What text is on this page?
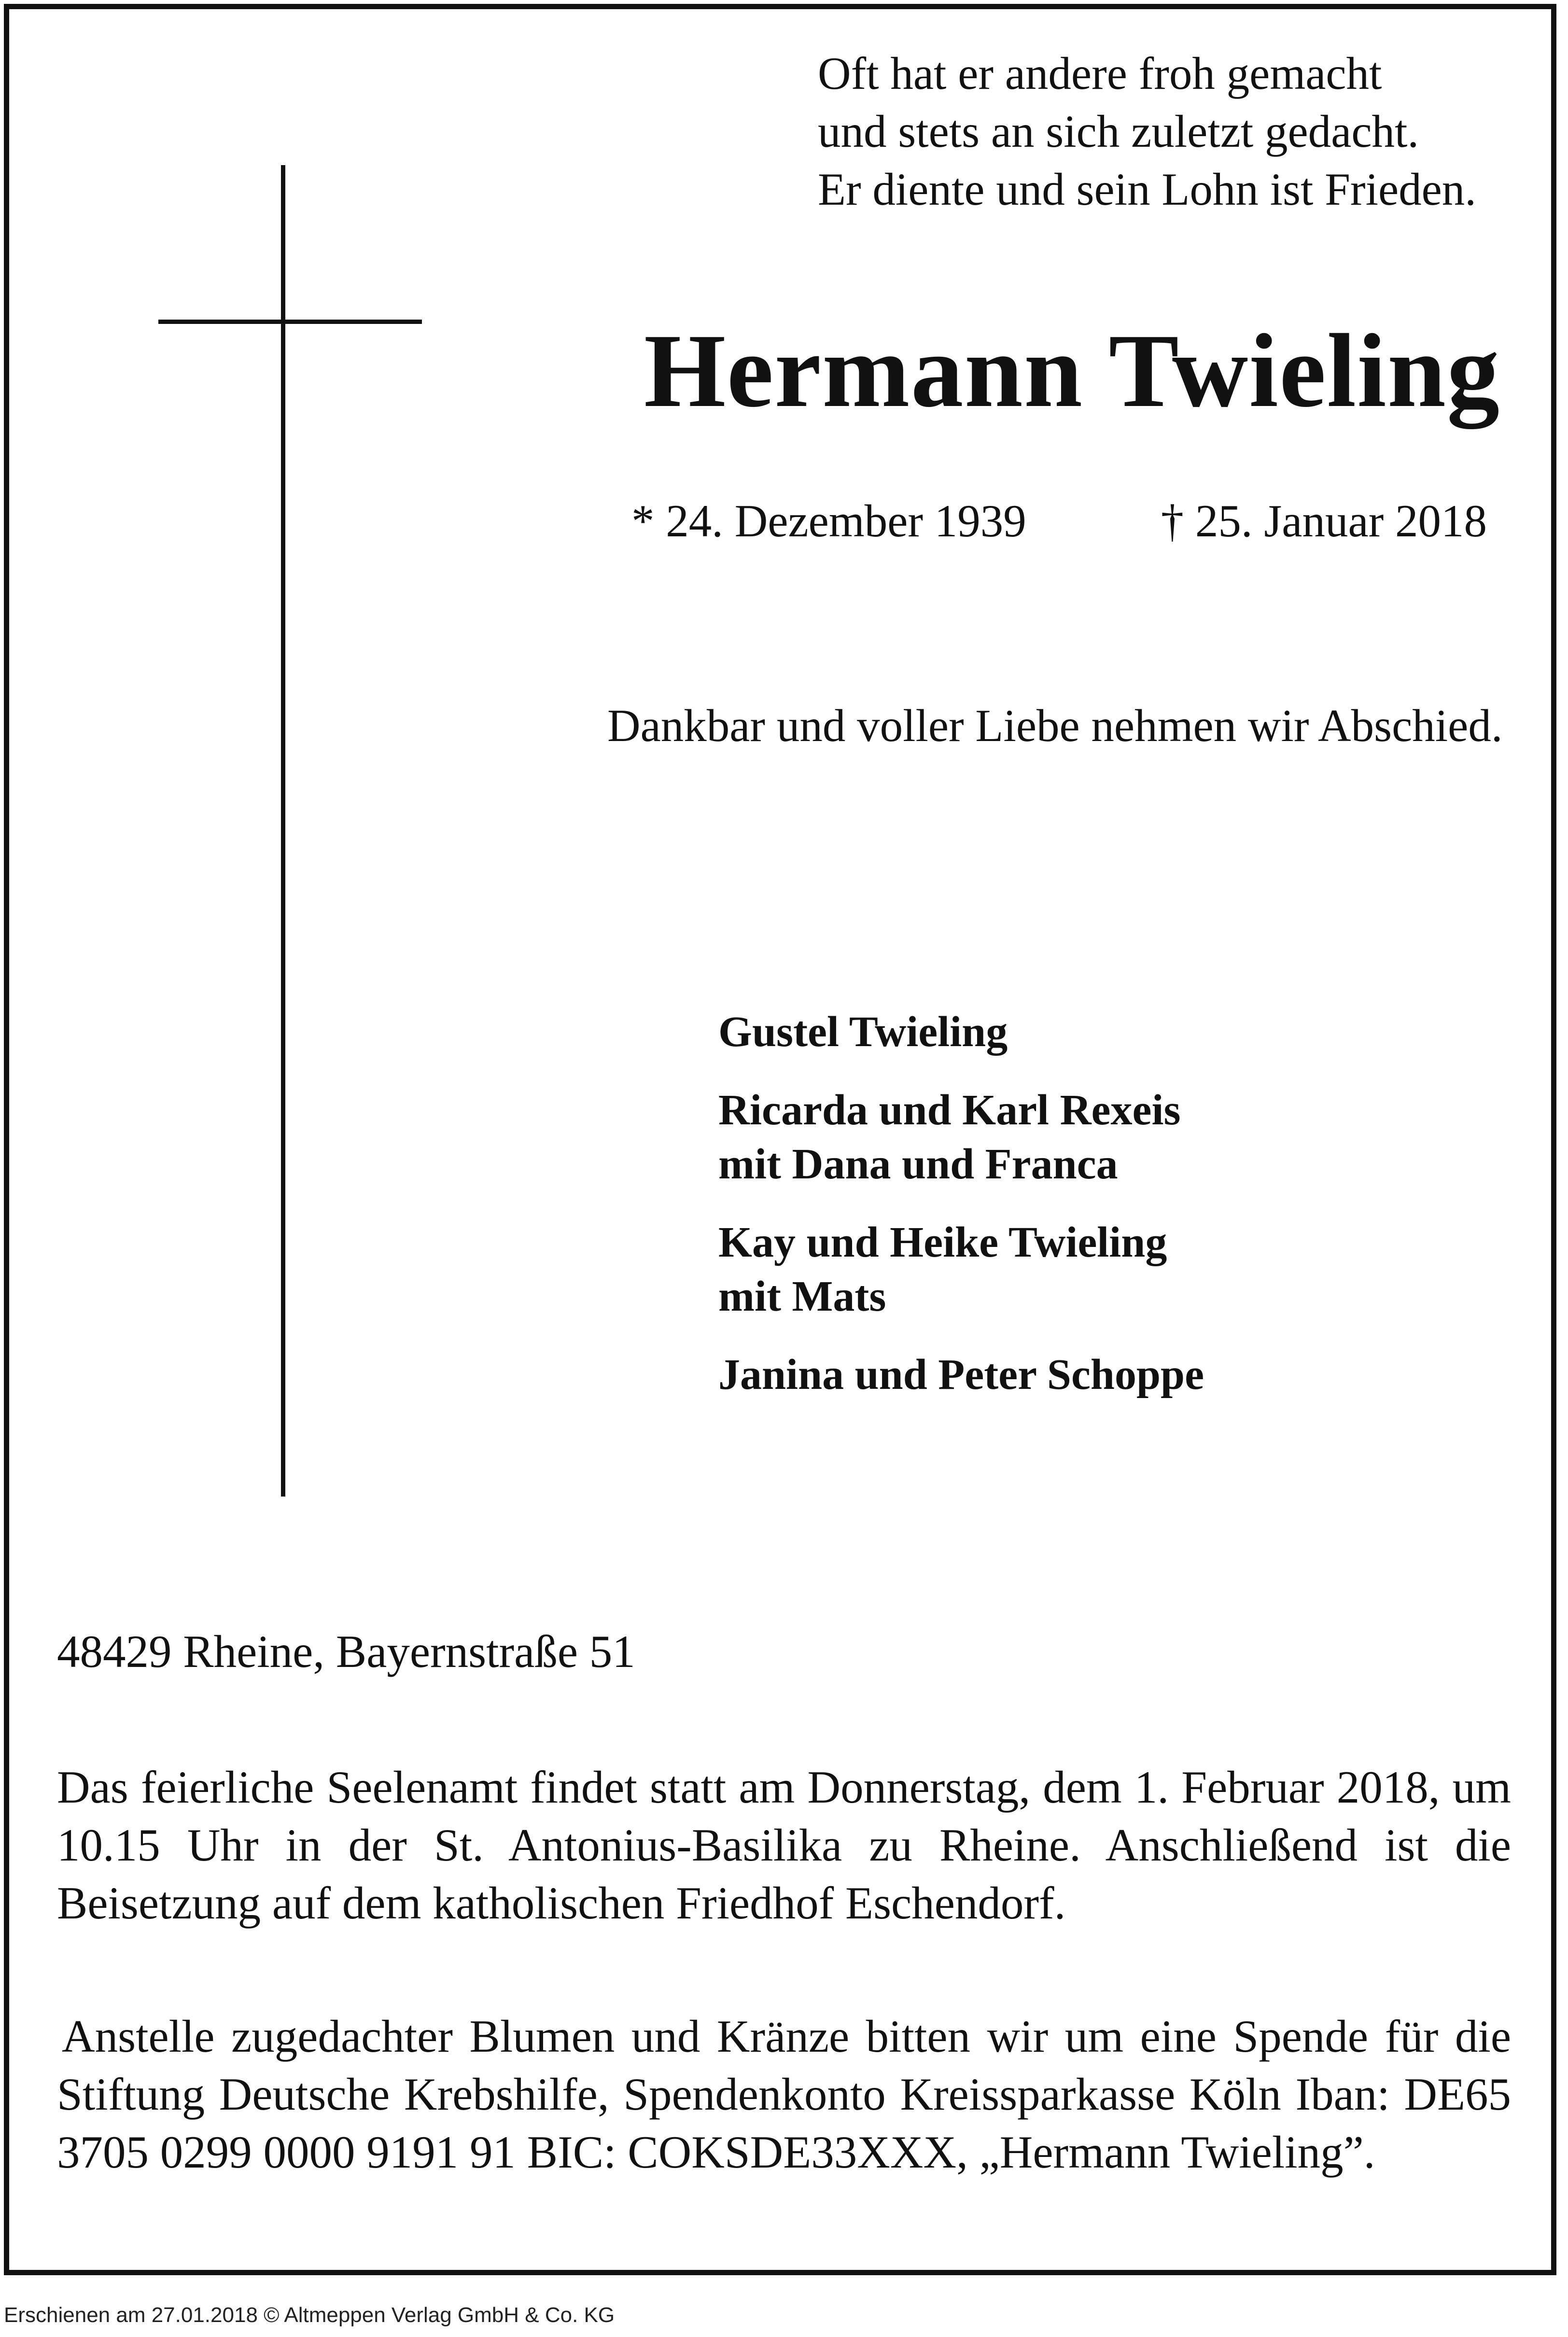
Oft hat er andere froh gemacht
und stets an sich zuletzt gedacht.
Er diente und sein Lohn ist Frieden.
Hermann Twieling
* 24. Dezember 1939	† 25. Januar 2018
Dankbar und voller Liebe nehmen wir Abschied.
Gustel Twieling
Ricarda und Karl Rexeis
mit Dana und Franca
Kay und Heike Twieling
mit Mats
Janina und Peter Schoppe
48429 Rheine, Bayernstraße 51
Das feierliche Seelenamt findet statt am Donnerstag, dem 1. Februar 2018, um 10.15 Uhr in der St. Antonius-Basilika zu Rheine. Anschließend ist die Beisetzung auf dem katholischen Friedhof Eschendorf.
Anstelle zugedachter Blumen und Kränze bitten wir um eine Spende für die Stiftung Deutsche Krebshilfe, Spendenkonto Kreissparkasse Köln Iban: DE65 3705 0299 0000 9191 91 BIC: COKSDE33XXX, „Hermann Twieling”.
Erschienen am 27.01.2018 © Altmeppen Verlag GmbH & Co. KG
